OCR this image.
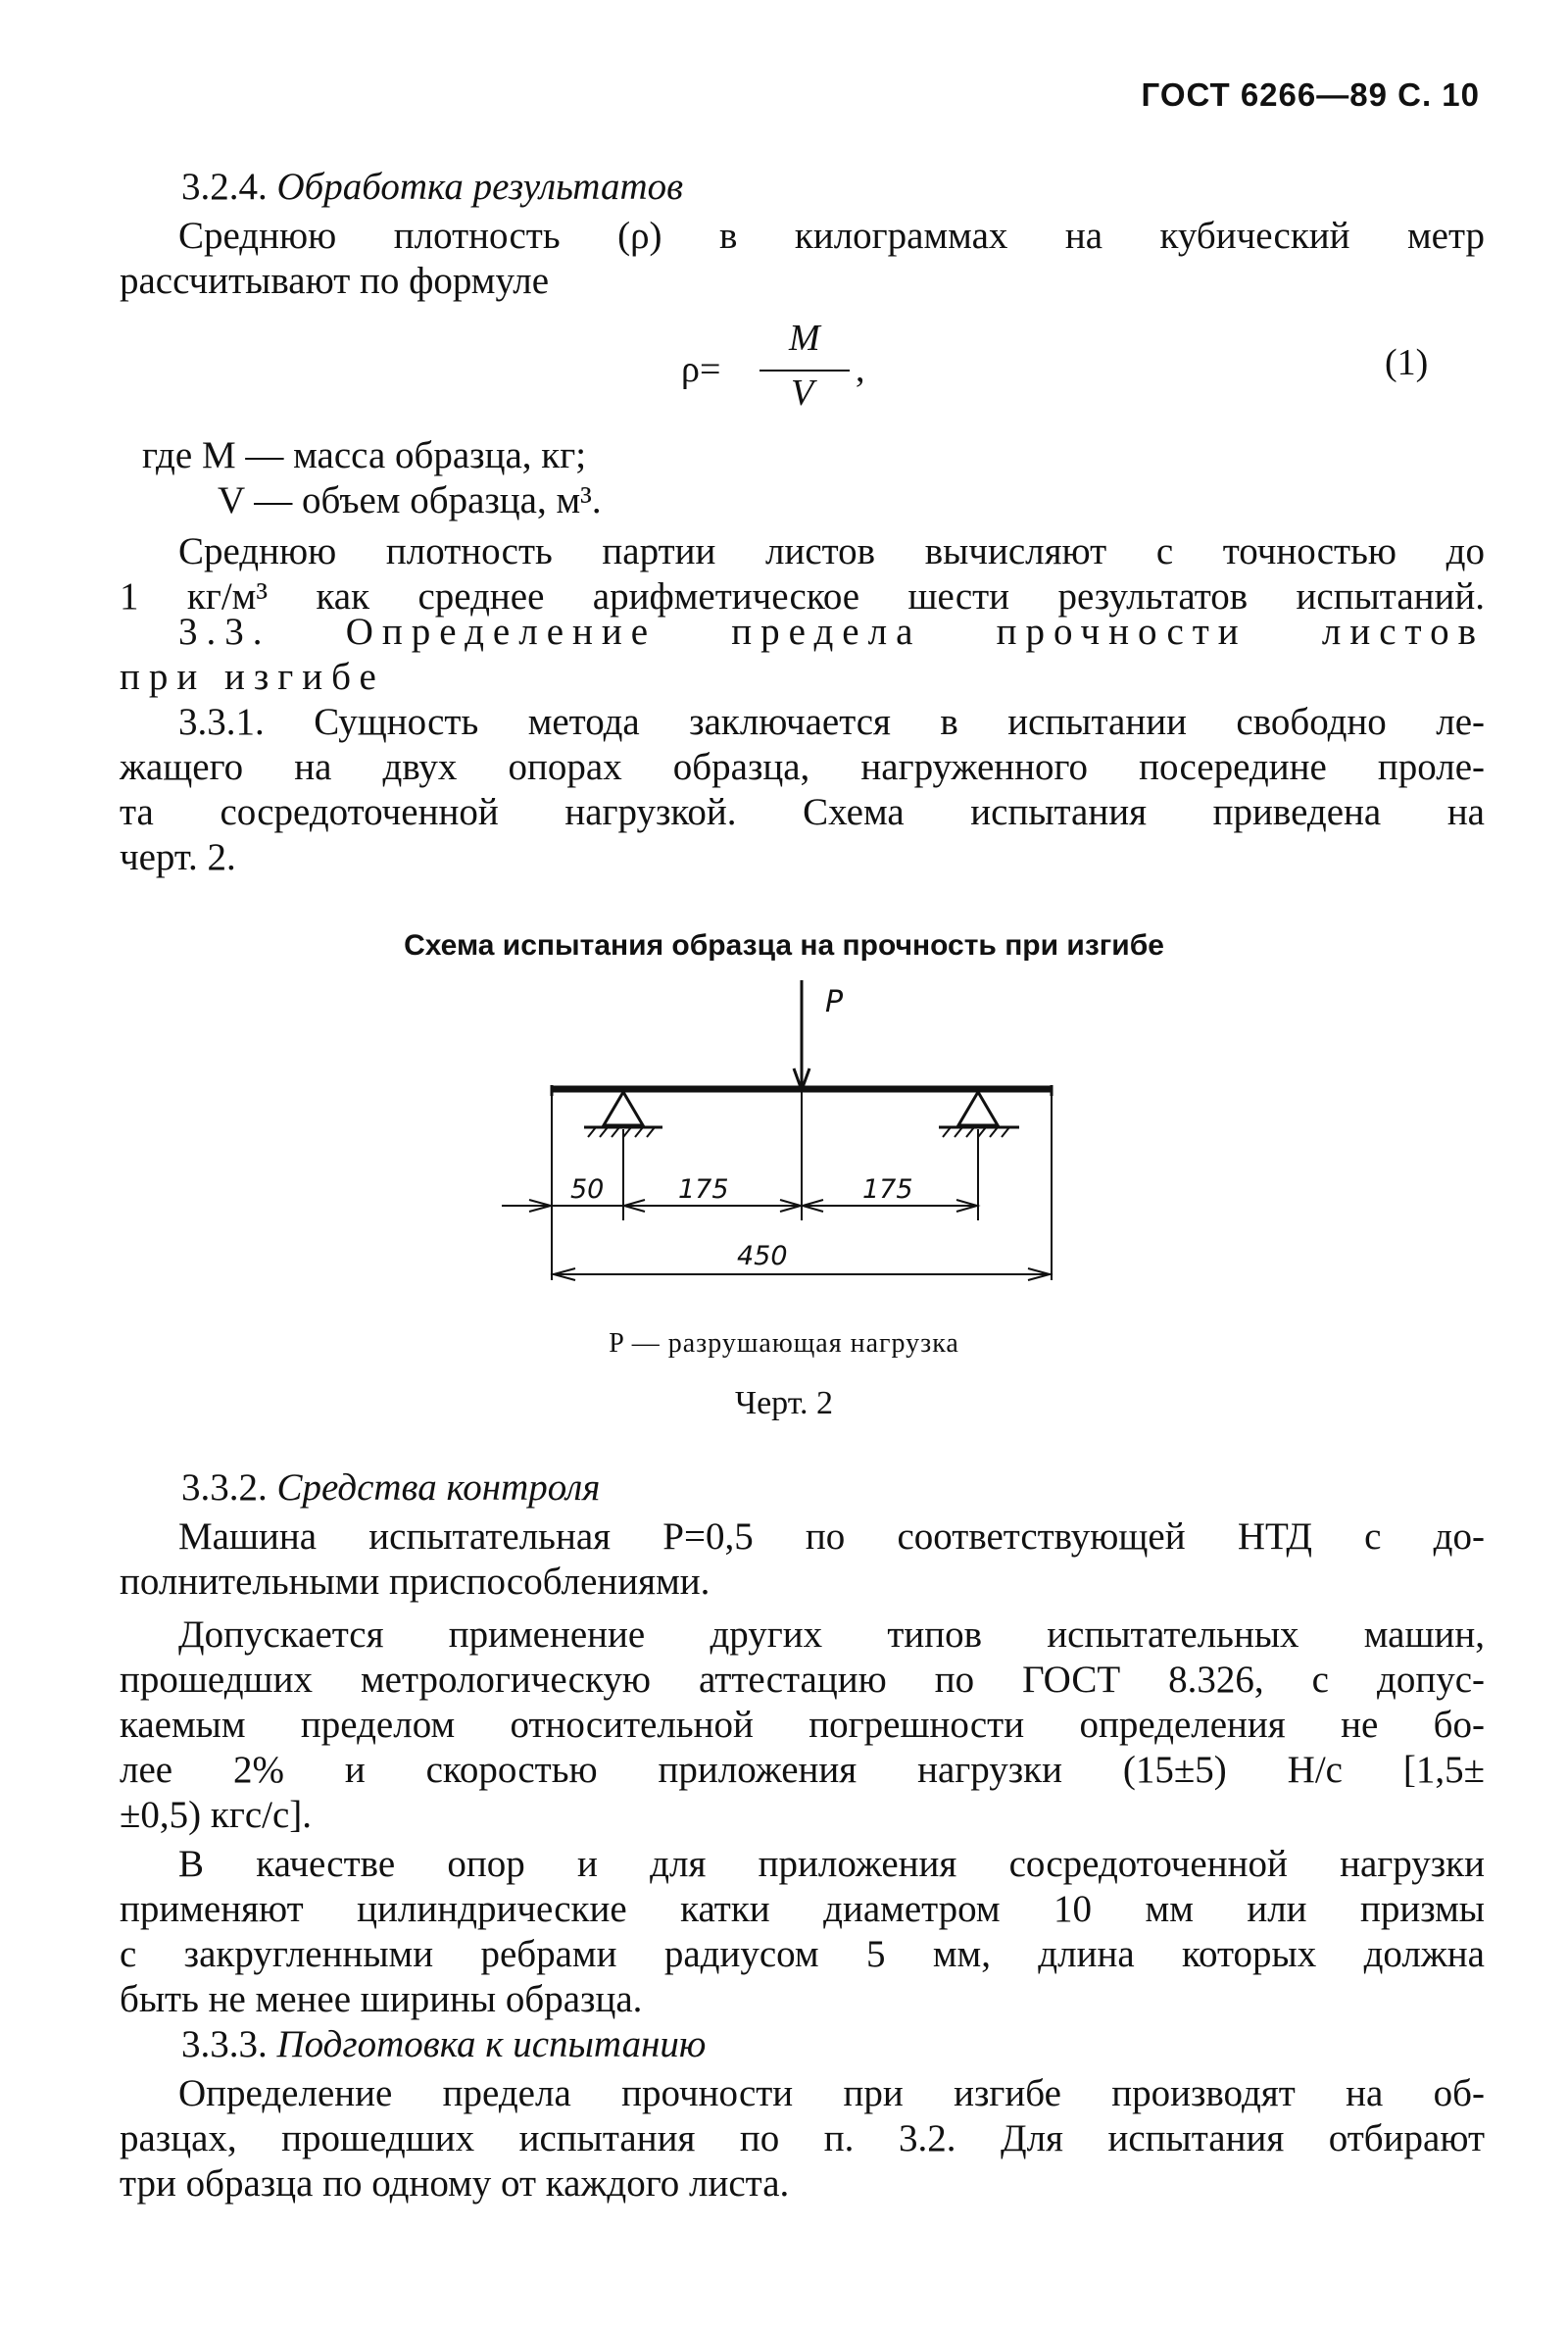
ГОСТ 6266—89 С. 10
3.2.4. Обработка результатов
Среднюю плотность (ρ) в килограммах на кубический метр
рассчитывают по формуле
ρ=
M
V
,	(1)
где M — масса образца, кг;
V — объем образца, м³.
Среднюю плотность партии листов вычисляют с точностью до
1 кг/м³ как среднее арифметическое шести результатов испытаний.
3.3. Определение предела прочности листов
при изгибе
3.3.1. Сущность метода заключается в испытании свободно ле-
жащего на двух опорах образца, нагруженного посередине проле-
та сосредоточенной нагрузкой. Схема испытания приведена на
черт. 2.
Схема испытания образца на прочность при изгибе
P
50	175	175
450
P — разрушающая нагрузка
Черт. 2
3.3.2. Средства контроля
Машина испытательная Р=0,5 по соответствующей НТД с до-
полнительными приспособлениями.
Допускается применение других типов испытательных машин,
прошедших метрологическую аттестацию по ГОСТ 8.326, с допус-
каемым пределом относительной погрешности определения не бо-
лее 2% и скоростью приложения нагрузки (15±5) Н/с [1,5±
±0,5) кгс/с].
В качестве опор и для приложения сосредоточенной нагрузки
применяют цилиндрические катки диаметром 10 мм или призмы
с закругленными ребрами радиусом 5 мм, длина которых должна
быть не менее ширины образца.
3.3.3. Подготовка к испытанию
Определение предела прочности при изгибе производят на об-
разцах, прошедших испытания по п. 3.2. Для испытания отбирают
три образца по одному от каждого листа.
